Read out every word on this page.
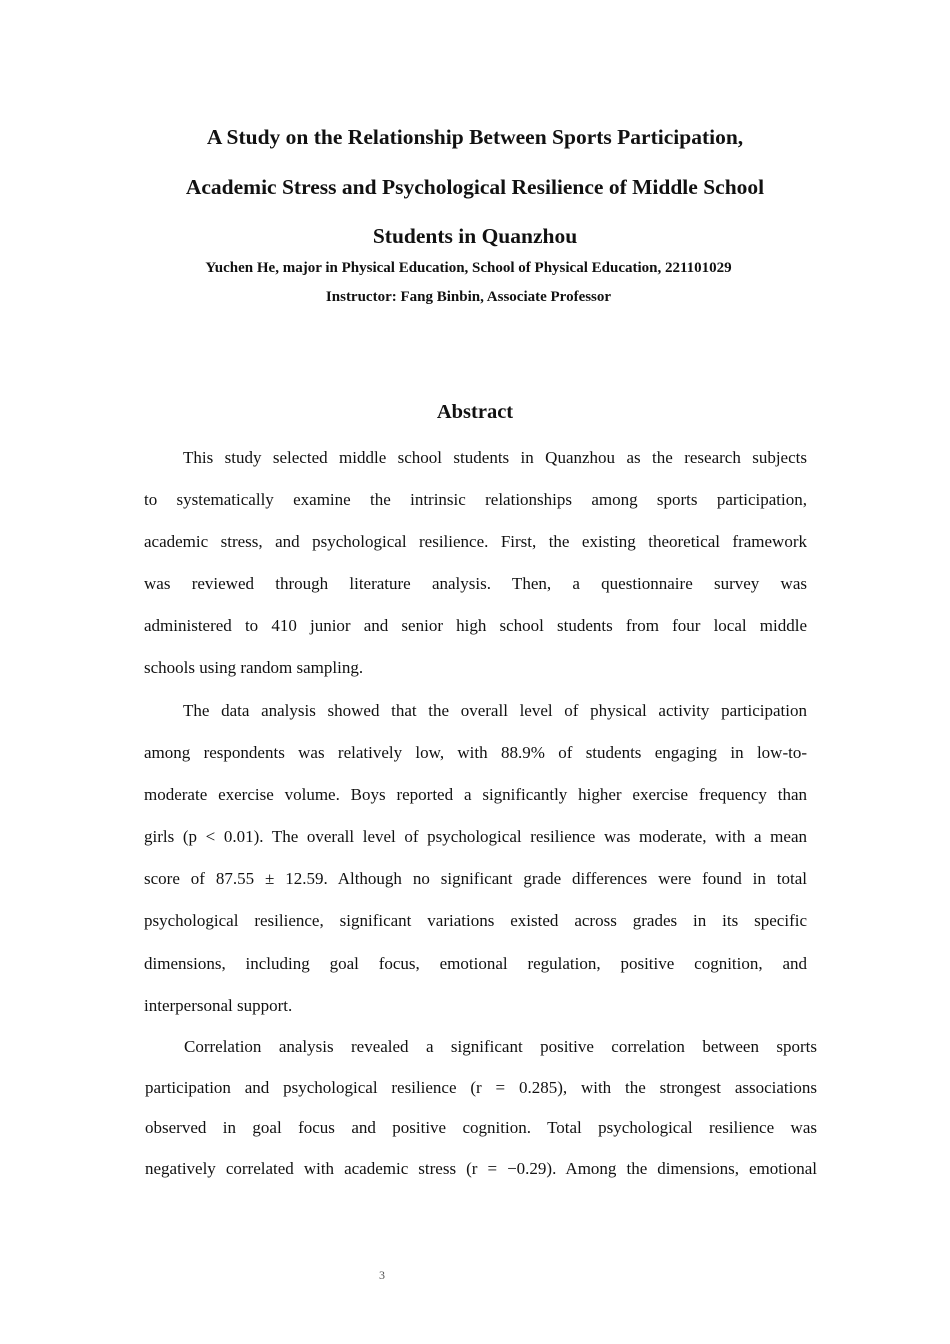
A Study on the Relationship Between Sports Participation,
Academic Stress and Psychological Resilience of Middle School
Students in Quanzhou

Yuchen He, major in Physical Education, School of Physical Education, 221101029

Instructor: Fang Binbin, Associate Professor

Abstract

This study selected middle school students in Quanzhou as the research subjects
to systematically examine the intrinsic relationships among sports participation,
academic stress, and psychological resilience. First, the existing theoretical framework
was reviewed through literature analysis. Then, a questionnaire survey was
administered to 410 junior and senior high school students from four local middle
schools using random sampling.

The data analysis showed that the overall level of physical activity participation
among respondents was relatively low, with 88.9% of students engaging in low-to-
moderate exercise volume. Boys reported a significantly higher exercise frequency than
girls (p < 0.01). The overall level of psychological resilience was moderate, with a mean
score of 87.55 ± 12.59. Although no significant grade differences were found in total
psychological resilience, significant variations existed across grades in its specific
dimensions, including goal focus, emotional regulation, positive cognition, and
interpersonal support.

Correlation analysis revealed a significant positive correlation between sports
participation and psychological resilience (r = 0.285), with the strongest associations
observed in goal focus and positive cognition. Total psychological resilience was
negatively correlated with academic stress (r = −0.29). Among the dimensions, emotional

3
